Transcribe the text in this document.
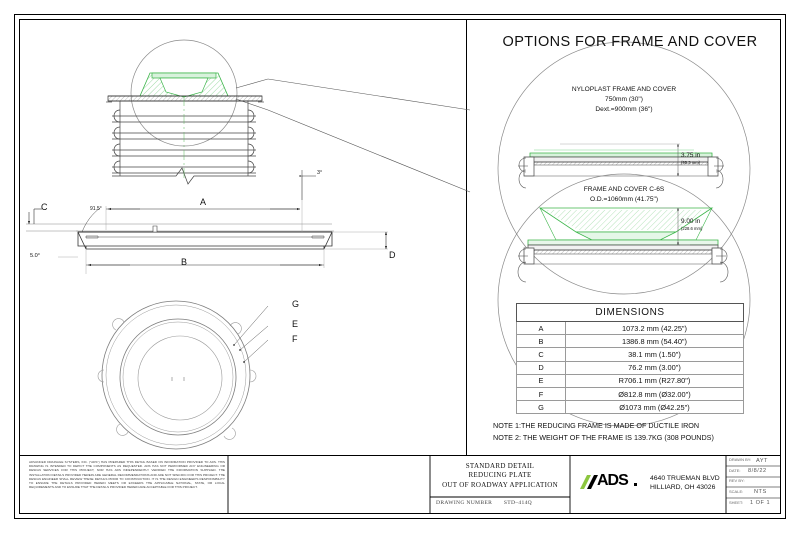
OPTIONS FOR FRAME AND COVER
NYLOPLAST FRAME AND COVER
750mm (30")
Dext.=900mm (36")
3.75 in
(95.3 mm)
FRAME AND COVER C-6S
O.D.=1060mm (41.75")
9.00 in
(228.6 mm)
A
B
C
D
3°
91.5°
5.0°
G
E
F
DIMENSIONS	
A	1073.2 mm (42.25")
B	1386.8 mm (54.40")
C	38.1 mm (1.50")
D	76.2 mm (3.00")
E	R706.1 mm (R27.80")
F	Ø812.8 mm (Ø32.00")
G	Ø1073 mm (Ø42.25")
NOTE 1:THE REDUCING FRAME IS MADE OF DUCTILE IRON
NOTE 2: THE WEIGHT OF THE FRAME IS 139.7KG (308 POUNDS)
STANDARD DETAIL
REDUCING PLATE
OUT OF ROADWAY APPLICATION
DRAWING NUMBER STD–414Q
ADVANCED DRAINAGE SYSTEMS, INC. ("ADS") HAS PREPARED THIS DETAIL BASED ON INFORMATION PROVIDED TO ADS. THIS DRAWING IS INTENDED TO DEPICT THE COMPONENTS AS REQUESTED. ADS HAS NOT PERFORMED ANY ENGINEERING OR DESIGN SERVICES FOR THIS PROJECT, NOR HAS ADS INDEPENDENTLY VERIFIED THE INFORMATION SUPPLIED. THE INSTALLATION DETAILS PROVIDED HEREIN ARE GENERAL RECOMMENDATIONS AND ARE NOT SPECIFIC FOR THIS PROJECT. THE DESIGN ENGINEER SHALL REVIEW THESE DETAILS PRIOR TO CONSTRUCTION. IT IS THE DESIGN ENGINEER'S RESPONSIBILITY TO ENSURE THE DETAILS PROVIDED HEREIN MEETS OR EXCEEDS THE APPLICABLE NATIONAL, STATE, OR LOCAL REQUIREMENTS AND TO ENSURE THAT THE DETAILS PROVIDED HEREIN ARE ACCEPTABLE FOR THIS PROJECT.	ADS	4640 TRUEMAN BLVD
HILLIARD, OH 43026
DRAWN BY: AYT
DATE: 8/8/22
REV BY:
SCALE: NTS
SHEET: 1 OF 1
